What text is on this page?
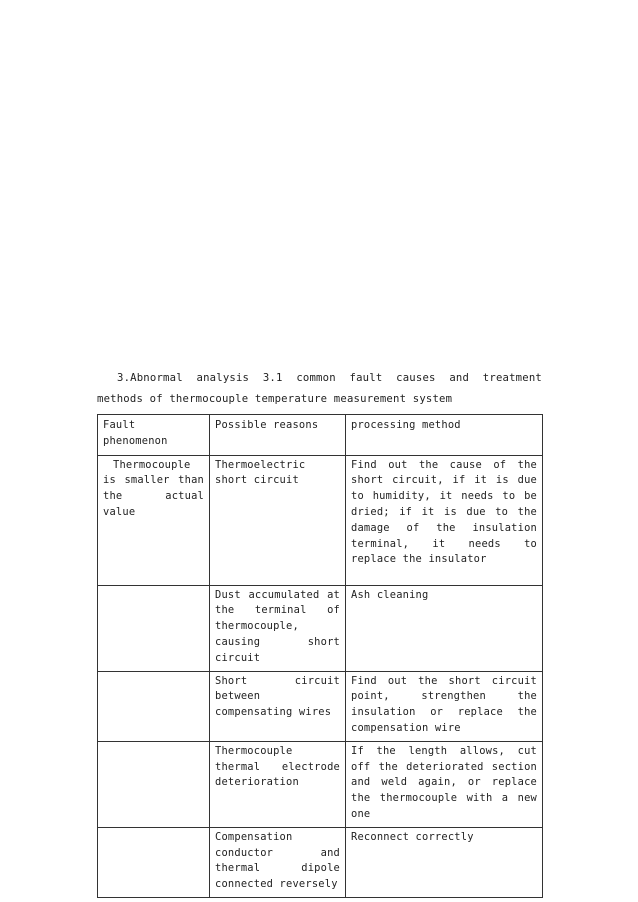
3.Abnormal analysis 3.1 common fault causes and treatment methods of thermocouple temperature measurement system

Fault phenomenon	Possible reasons	processing method
Thermocouple is smaller than the actual value	Thermoelectric short circuit	Find out the cause of the short circuit, if it is due to humidity, it needs to be dried; if it is due to the damage of the insulation terminal, it needs to replace the insulator
	Dust accumulated at the terminal of thermocouple, causing short circuit	Ash cleaning
	Short circuit between compensating wires	Find out the short circuit point, strengthen the insulation or replace the compensation wire
	Thermocouple thermal electrode deterioration	If the length allows, cut off the deteriorated section and weld again, or replace the thermocouple with a new one
	Compensation conductor and thermal dipole connected reversely	Reconnect correctly
